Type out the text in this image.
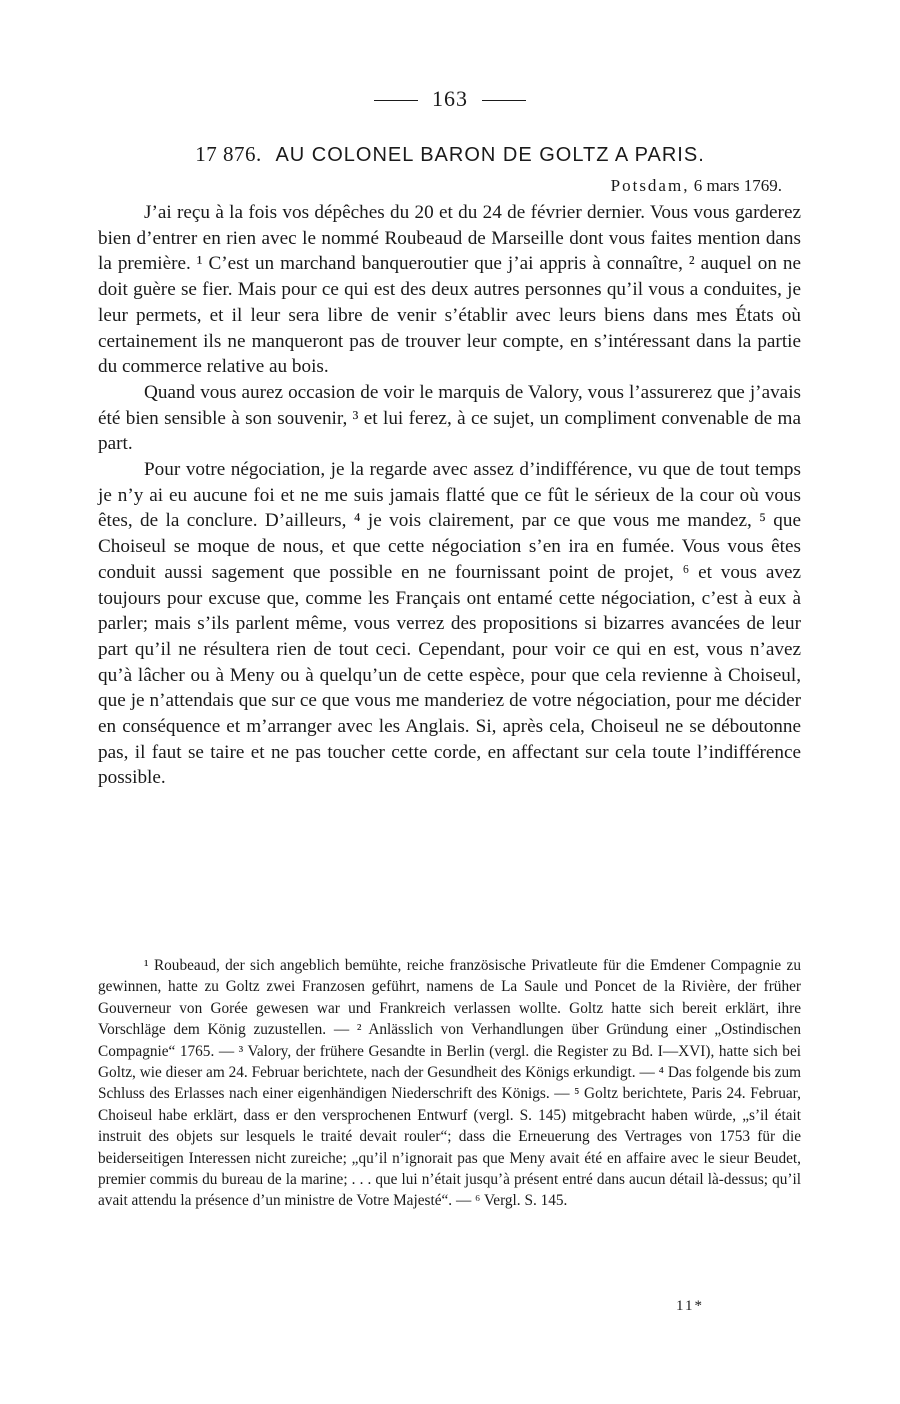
163
17 876. AU COLONEL BARON DE GOLTZ A PARIS.
Potsdam, 6 mars 1769.

J’ai reçu à la fois vos dépêches du 20 et du 24 de février dernier. Vous vous garderez bien d’entrer en rien avec le nommé Roubeaud de Marseille dont vous faites mention dans la première. ¹ C’est un marchand banqueroutier que j’ai appris à connaître, ² auquel on ne doit guère se fier. Mais pour ce qui est des deux autres personnes qu’il vous a conduites, je leur permets, et il leur sera libre de venir s’établir avec leurs biens dans mes États où certainement ils ne manqueront pas de trouver leur compte, en s’intéressant dans la partie du commerce relative au bois.

Quand vous aurez occasion de voir le marquis de Valory, vous l’assurerez que j’avais été bien sensible à son souvenir, ³ et lui ferez, à ce sujet, un compliment convenable de ma part.

Pour votre négociation, je la regarde avec assez d’indifférence, vu que de tout temps je n’y ai eu aucune foi et ne me suis jamais flatté que ce fût le sérieux de la cour où vous êtes, de la conclure. D’ailleurs, ⁴ je vois clairement, par ce que vous me mandez, ⁵ que Choiseul se moque de nous, et que cette négociation s’en ira en fumée. Vous vous êtes conduit aussi sagement que possible en ne fournissant point de projet, ⁶ et vous avez toujours pour excuse que, comme les Français ont entamé cette négociation, c’est à eux à parler; mais s’ils parlent même, vous verrez des propositions si bizarres avancées de leur part qu’il ne résultera rien de tout ceci. Cependant, pour voir ce qui en est, vous n’avez qu’à lâcher ou à Meny ou à quelqu’un de cette espèce, pour que cela revienne à Choiseul, que je n’attendais que sur ce que vous me manderiez de votre négociation, pour me décider en conséquence et m’arranger avec les Anglais. Si, après cela, Choiseul ne se déboutonne pas, il faut se taire et ne pas toucher cette corde, en affectant sur cela toute l’indifférence possible.

¹ Roubeaud, der sich angeblich bemühte, reiche französische Privatleute für die Emdener Compagnie zu gewinnen, hatte zu Goltz zwei Franzosen geführt, namens de La Saule und Poncet de la Rivière, der früher Gouverneur von Gorée gewesen war und Frankreich verlassen wollte. Goltz hatte sich bereit erklärt, ihre Vorschläge dem König zuzustellen. — ² Anlässlich von Verhandlungen über Gründung einer „Ostindischen Compagnie“ 1765. — ³ Valory, der frühere Gesandte in Berlin (vergl. die Register zu Bd. I—XVI), hatte sich bei Goltz, wie dieser am 24. Februar berichtete, nach der Gesundheit des Königs erkundigt. — ⁴ Das folgende bis zum Schluss des Erlasses nach einer eigenhändigen Niederschrift des Königs. — ⁵ Goltz berichtete, Paris 24. Februar, Choiseul habe erklärt, dass er den versprochenen Entwurf (vergl. S. 145) mitgebracht haben würde, „s’il était instruit des objets sur lesquels le traité devait rouler“; dass die Erneuerung des Vertrages von 1753 für die beiderseitigen Interessen nicht zureiche; „qu’il n’ignorait pas que Meny avait été en affaire avec le sieur Beudet, premier commis du bureau de la marine; . . . que lui n’était jusqu’à présent entré dans aucun détail là-dessus; qu’il avait attendu la présence d’un ministre de Votre Majesté“. — ⁶ Vergl. S. 145.

11*
